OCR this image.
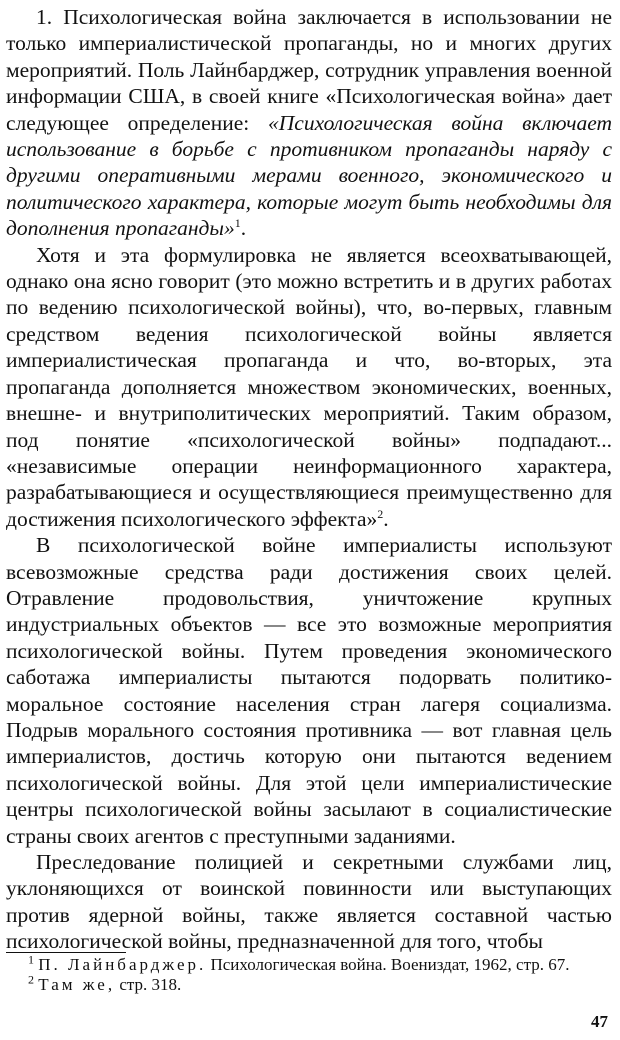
1. Психологическая война заключается в использовании не только империалистической пропаганды, но и многих других мероприятий. Поль Лайнбарджер, сотрудник управления военной информации США, в своей книге «Психологическая война» дает следующее определение: «Психологическая война включает использование в борьбе с противником пропаганды наряду с другими оперативными мерами военного, экономического и политического характера, которые могут быть необходимы для дополнения пропаганды»$^1$.

Хотя и эта формулировка не является всеохватывающей, однако она ясно говорит (это можно встретить и в других работах по ведению психологической войны), что, во-первых, главным средством ведения психологической войны является империалистическая пропаганда и что, во-вторых, эта пропаганда дополняется множеством экономических, военных, внешне- и внутриполитических мероприятий. Таким образом, под понятие «психологической войны» подпадают... «независимые операции неинформационного характера, разрабатывающиеся и осуществляющиеся преимущественно для достижения психологического эффекта»$^2$.

В психологической войне империалисты используют всевозможные средства ради достижения своих целей. Отравление продовольствия, уничтожение крупных индустриальных объектов — все это возможные мероприятия психологической войны. Путем проведения экономического саботажа империалисты пытаются подорвать политико-моральное состояние населения стран лагеря социализма. Подрыв морального состояния противника — вот главная цель империалистов, достичь которую они пытаются ведением психологической войны. Для этой цели империалистические центры психологической войны засылают в социалистические страны своих агентов с преступными заданиями.

Преследование полицией и секретными службами лиц, уклоняющихся от воинской повинности или выступающих против ядерной войны, также является составной частью психологической войны, предназначенной для того, чтобы

$^1$ П. Лайнбарджер. Психологическая война. Воениздат, 1962, стр. 67.

$^2$ Там же, стр. 318.

47
